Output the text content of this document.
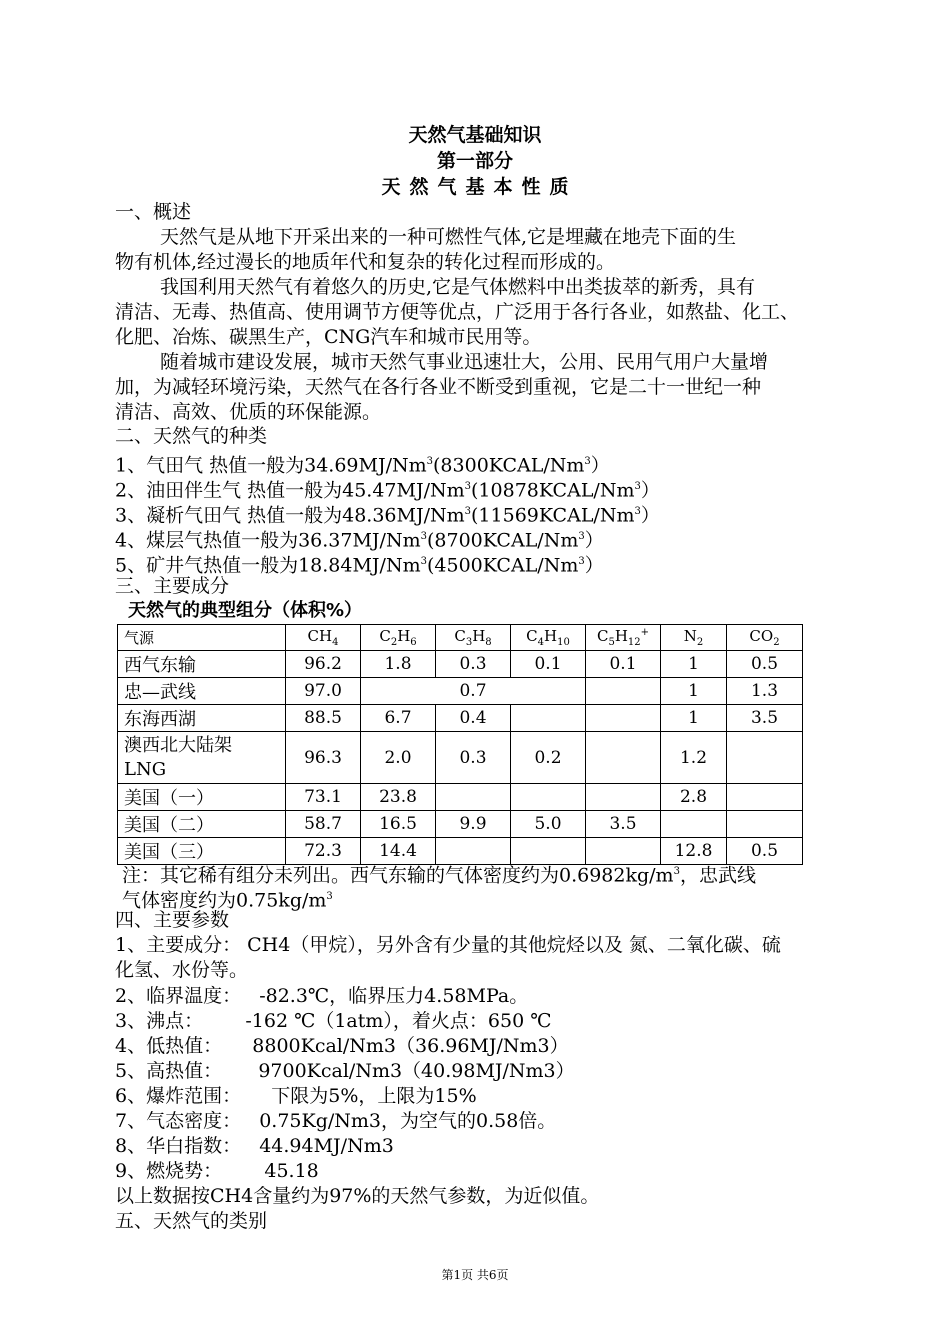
天然气基础知识
第一部分
天然气基本性质
一、概述
天然气是从地下开采出来的一种可燃性气体,它是埋藏在地壳下面的生
物有机体,经过漫长的地质年代和复杂的转化过程而形成的。
我国利用天然气有着悠久的历史,它是气体燃料中出类拔萃的新秀，具有
清洁、无毒、热值高、使用调节方便等优点，广泛用于各行各业，如熬盐、化工、
化肥、冶炼、碳黑生产，CNG汽车和城市民用等。
随着城市建设发展，城市天然气事业迅速壮大，公用、民用气用户大量增
加，为减轻环境污染，天然气在各行各业不断受到重视，它是二十一世纪一种
清洁、高效、优质的环保能源。
二、天然气的种类
1、气田气 热值一般为34.69MJ/Nm$^3$(8300KCAL/Nm$^3$）
2、油田伴生气 热值一般为45.47MJ/Nm$^3$(10878KCAL/Nm$^3$）
3、凝析气田气 热值一般为48.36MJ/Nm$^3$(11569KCAL/Nm$^3$）
4、煤层气热值一般为36.37MJ/Nm$^3$(8700KCAL/Nm$^3$）
5、矿井气热值一般为18.84MJ/Nm$^3$(4500KCAL/Nm$^3$）
三、主要成分
天然气的典型组分（体积%）
气源	$CH_4$	$C_2H_6$	$C_3H_8$	$C_4H_{10}$	$C_5H_{12}^+$	$N_2$	$CO_2$
西气东输	96.2	1.8	0.3	0.1	0.1	1	0.5
忠—武线	97.0	0.7				1	1.3
东海西湖	88.5	6.7	0.4			1	3.5

澳西北大陆架
LNG	96.3	2.0	0.3	0.2		1.2	
美国（一）	73.1	23.8				2.8	
美国（二）	58.7	16.5	9.9	5.0	3.5		
美国（三）	72.3	14.4				12.8	0.5
注：其它稀有组分未列出。西气东输的气体密度约为$0.6982kg/m^3$，忠武线
气体密度约为$0.75kg/m^3$
四、主要参数
1、主要成分： CH4（甲烷），另外含有少量的其他烷烃以及 氮、二氧化碳、硫
化氢、水份等。
2、临界温度：   -82.3℃，临界压力4.58MPa。
3、沸点：       -162 ℃（1atm），着火点：650 ℃
4、低热值：     8800Kcal/Nm3（36.96MJ/Nm3）
5、高热值：      9700Kcal/Nm3（40.98MJ/Nm3）
6、爆炸范围：     下限为5%，上限为15%
7、气态密度：   0.75Kg/Nm3，为空气的0.58倍。
8、华白指数：   44.94MJ/Nm3
9、燃烧势：       45.18
以上数据按CH4含量约为97%的天然气参数，为近似值。
五、天然气的类别
第1页 共6页
